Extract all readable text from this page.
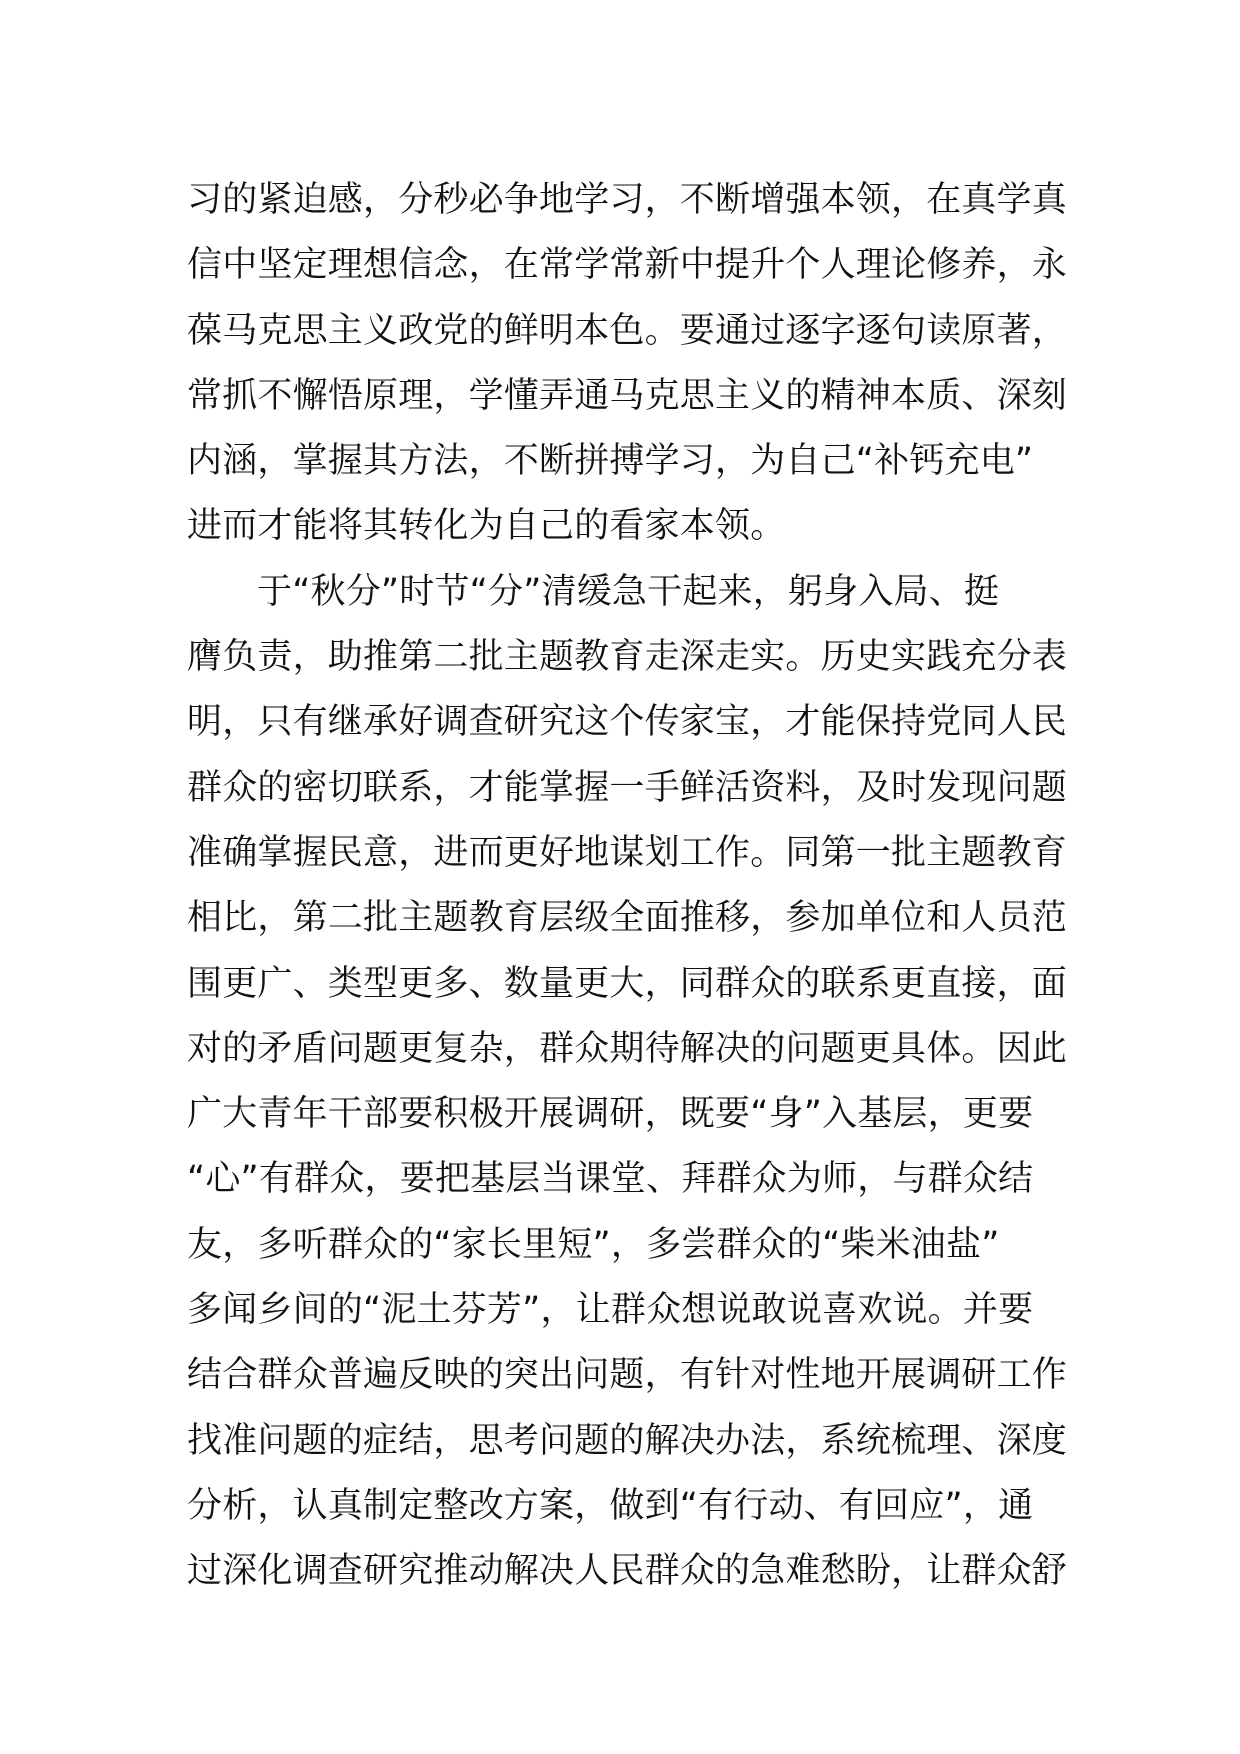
习的紧迫感，分秒必争地学习，不断增强本领，在真学真
信中坚定理想信念，在常学常新中提升个人理论修养，永
葆马克思主义政党的鲜明本色。要通过逐字逐句读原著，
常抓不懈悟原理，学懂弄通马克思主义的精神本质、深刻
内涵，掌握其方法，不断拼搏学习，为自己“补钙充电”
进而才能将其转化为自己的看家本领。
于“秋分”时节“分”清缓急干起来，躬身入局、挺
膺负责，助推第二批主题教育走深走实。历史实践充分表
明，只有继承好调查研究这个传家宝，才能保持党同人民
群众的密切联系，才能掌握一手鲜活资料，及时发现问题
准确掌握民意，进而更好地谋划工作。同第一批主题教育
相比，第二批主题教育层级全面推移，参加单位和人员范
围更广、类型更多、数量更大，同群众的联系更直接，面
对的矛盾问题更复杂，群众期待解决的问题更具体。因此
广大青年干部要积极开展调研，既要“身”入基层，更要
“心”有群众，要把基层当课堂、拜群众为师，与群众结
友，多听群众的“家长里短”，多尝群众的“柴米油盐”
多闻乡间的“泥土芬芳”，让群众想说敢说喜欢说。并要
结合群众普遍反映的突出问题，有针对性地开展调研工作
找准问题的症结，思考问题的解决办法，系统梳理、深度
分析，认真制定整改方案，做到“有行动、有回应”，通
过深化调查研究推动解决人民群众的急难愁盼，让群众舒
